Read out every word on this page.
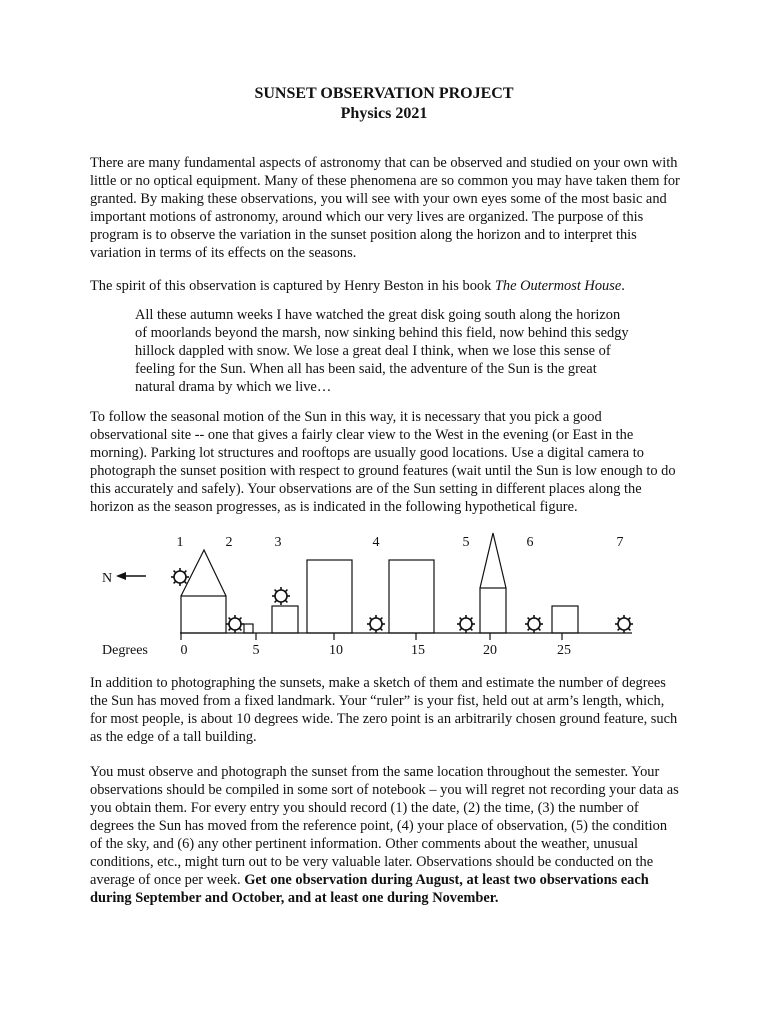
SUNSET OBSERVATION PROJECT
Physics 2021

There are many fundamental aspects of astronomy that can be observed and studied on your own with little or no optical equipment. Many of these phenomena are so common you may have taken them for granted. By making these observations, you will see with your own eyes some of the most basic and important motions of astronomy, around which our very lives are organized. The purpose of this program is to observe the variation in the sunset position along the horizon and to interpret this variation in terms of its effects on the seasons.

The spirit of this observation is captured by Henry Beston in his book The Outermost House.

All these autumn weeks I have watched the great disk going south along the horizon of moorlands beyond the marsh, now sinking behind this field, now behind this sedgy hillock dappled with snow. We lose a great deal I think, when we lose this sense of feeling for the Sun. When all has been said, the adventure of the Sun is the great natural drama by which we live…

To follow the seasonal motion of the Sun in this way, it is necessary that you pick a good observational site -- one that gives a fairly clear view to the West in the evening (or East in the morning). Parking lot structures and rooftops are usually good locations. Use a digital camera to photograph the sunset position with respect to ground features (wait until the Sun is low enough to do this accurately and safely). Your observations are of the Sun setting in different places along the horizon as the season progresses, as is indicated in the following hypothetical figure.

1	2	3	4	5	6	7
N
Degrees 0	5	10	15	20	25

In addition to photographing the sunsets, make a sketch of them and estimate the number of degrees the Sun has moved from a fixed landmark. Your “ruler” is your fist, held out at arm’s length, which, for most people, is about 10 degrees wide. The zero point is an arbitrarily chosen ground feature, such as the edge of a tall building.

You must observe and photograph the sunset from the same location throughout the semester. Your observations should be compiled in some sort of notebook – you will regret not recording your data as you obtain them. For every entry you should record (1) the date, (2) the time, (3) the number of degrees the Sun has moved from the reference point, (4) your place of observation, (5) the condition of the sky, and (6) any other pertinent information. Other comments about the weather, unusual conditions, etc., might turn out to be very valuable later. Observations should be conducted on the average of once per week. Get one observation during August, at least two observations each during September and October, and at least one during November.
